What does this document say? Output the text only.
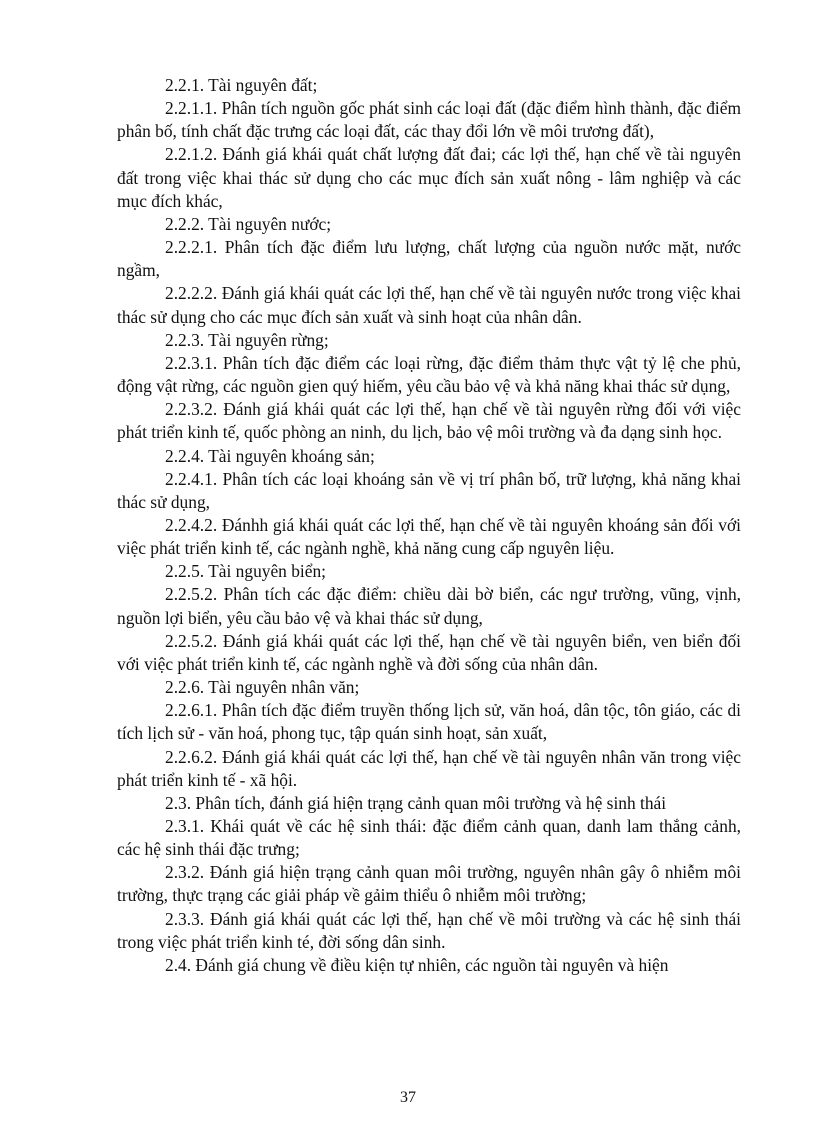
2.2.1. Tài nguyên đất;

2.2.1.1. Phân tích nguồn gốc phát sinh các loại đất (đặc điểm hình thành, đặc điểm phân bố, tính chất đặc trưng các loại đất, các thay đổi lớn về môi trương đất),

2.2.1.2. Đánh giá khái quát chất lượng đất đai; các lợi thế, hạn chế về tài nguyên đất trong việc khai thác sử dụng cho các mục đích sản xuất nông - lâm nghiệp và các mục đích khác,

2.2.2. Tài nguyên nước;

2.2.2.1. Phân tích đặc điểm lưu lượng, chất lượng của nguồn nước mặt, nước ngầm,

2.2.2.2. Đánh giá khái quát các lợi thế, hạn chế về tài nguyên nước trong việc khai thác sử dụng cho các mục đích sản xuất và sinh hoạt của nhân dân.

2.2.3. Tài nguyên rừng;

2.2.3.1. Phân tích đặc điểm các loại rừng, đặc điểm thảm thực vật tỷ lệ che phủ, động vật rừng, các nguồn gien quý hiếm, yêu cầu bảo vệ và khả năng khai thác sử dụng,

2.2.3.2. Đánh giá khái quát các lợi thế, hạn chế về tài nguyên rừng đối với việc phát triển kinh tế, quốc phòng an ninh, du lịch, bảo vệ môi trường và đa dạng sinh học.

2.2.4. Tài nguyên khoáng sản;

2.2.4.1. Phân tích các loại khoáng sản về vị trí phân bố, trữ lượng, khả năng khai thác sử dụng,

2.2.4.2. Đánhh giá khái quát các lợi thế, hạn chế về tài nguyên khoáng sản đối với việc phát triển kinh tế, các ngành nghề, khả năng cung cấp nguyên liệu.

2.2.5. Tài nguyên biển;

2.2.5.2. Phân tích các đặc điểm: chiều dài bờ biển, các ngư trường, vũng, vịnh, nguồn lợi biển, yêu cầu bảo vệ và khai thác sử dụng,

2.2.5.2. Đánh giá khái quát các lợi thế, hạn chế về tài nguyên biển, ven biển đối với việc phát triển kinh tế, các ngành nghề và đời sống của nhân dân.

2.2.6. Tài nguyên nhân văn;

2.2.6.1. Phân tích đặc điểm truyền thống lịch sử, văn hoá, dân tộc, tôn giáo, các di tích lịch sử - văn hoá, phong tục, tập quán sinh hoạt, sản xuất,

2.2.6.2. Đánh giá khái quát các lợi thế, hạn chế về tài nguyên nhân văn trong việc phát triển kinh tế - xã hội.

2.3. Phân tích, đánh giá hiện trạng cảnh quan môi trường và hệ sinh thái

2.3.1. Khái quát về các hệ sinh thái: đặc điểm cảnh quan, danh lam thắng cảnh, các hệ sinh thái đặc trưng;

2.3.2. Đánh giá hiện trạng cảnh quan môi trường, nguyên nhân gây ô nhiễm môi trường, thực trạng các giải pháp về gảim thiểu ô nhiễm môi trường;

2.3.3. Đánh giá khái quát các lợi thế, hạn chế về môi trường và các hệ sinh thái trong việc phát triển kinh té, đời sống dân sinh.

2.4. Đánh giá chung về điều kiện tự nhiên, các nguồn tài nguyên và hiện

37
